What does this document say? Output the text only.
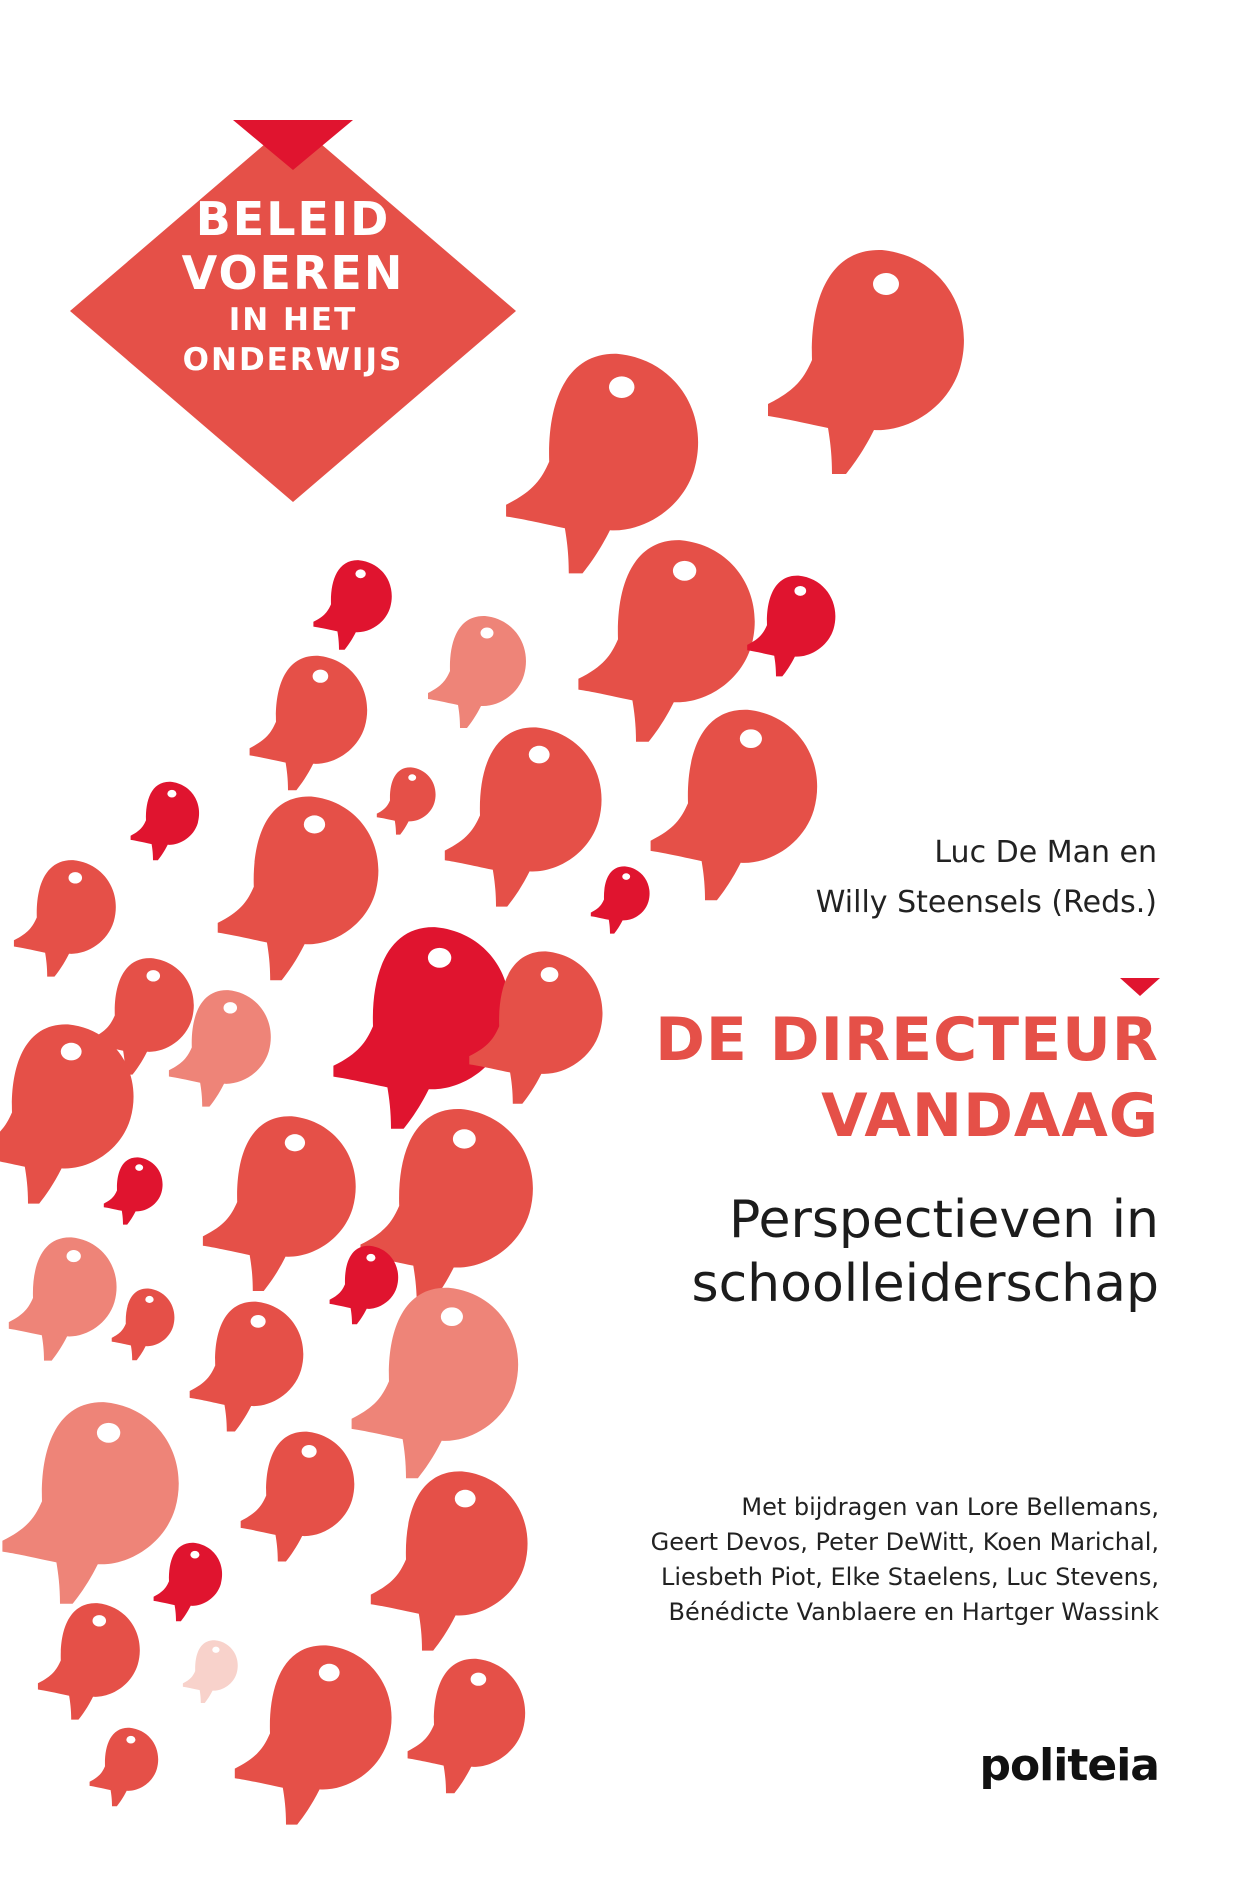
BELEID
VOEREN
IN HET
ONDERWIJS
Luc De Man en
Willy Steensels (Reds.)
DE DIRECTEUR
VANDAAG
Perspectieven in
schoolleiderschap
Met bijdragen van Lore Bellemans,
Geert Devos, Peter DeWitt, Koen Marichal,
Liesbeth Piot, Elke Staelens, Luc Stevens,
Bénédicte Vanblaere en Hartger Wassink
politeia
